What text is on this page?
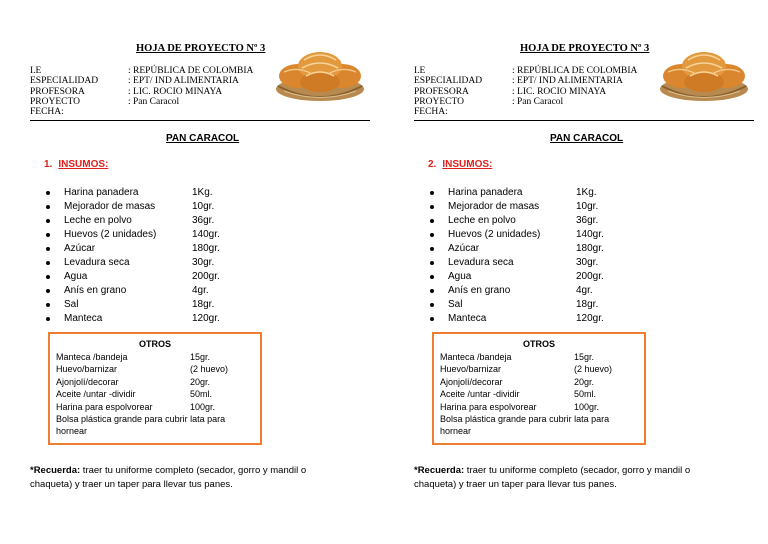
HOJA DE PROYECTO Nº 3
I.E	: REPÚBLICA DE COLOMBIA
ESPECIALIDAD	: EPT/ IND ALIMENTARIA
PROFESORA	: LIC. ROCIO MINAYA
PROYECTO	: Pan Caracol
FECHA:
PAN CARACOL
1. INSUMOS:
Harina panadera	1Kg.
Mejorador de masas	10gr.
Leche en polvo	36gr.
Huevos (2 unidades)	140gr.
Azúcar	180gr.
Levadura seca	30gr.
Agua	200gr.
Anís en grano	4gr.
Sal	18gr.
Manteca	120gr.
OTROS
Manteca /bandeja	15gr.
Huevo/barnizar	(2 huevo)
Ajonjolí/decorar	20gr.
Aceite /untar -dividir	50ml.
Harina para espolvorear	100gr.
Bolsa plástica grande para cubrir lata para hornear
*Recuerda: traer tu uniforme completo (secador, gorro y mandil o chaqueta) y traer un taper para llevar tus panes.
HOJA DE PROYECTO Nº 3
I.E	: REPÚBLICA DE COLOMBIA
ESPECIALIDAD	: EPT/ IND ALIMENTARIA
PROFESORA	: LIC. ROCIO MINAYA
PROYECTO	: Pan Caracol
FECHA:
PAN CARACOL
2. INSUMOS:
Harina panadera	1Kg.
Mejorador de masas	10gr.
Leche en polvo	36gr.
Huevos (2 unidades)	140gr.
Azúcar	180gr.
Levadura seca	30gr.
Agua	200gr.
Anís en grano	4gr.
Sal	18gr.
Manteca	120gr.
OTROS
Manteca /bandeja	15gr.
Huevo/barnizar	(2 huevo)
Ajonjolí/decorar	20gr.
Aceite /untar -dividir	50ml.
Harina para espolvorear	100gr.
Bolsa plástica grande para cubrir lata para hornear
*Recuerda: traer tu uniforme completo (secador, gorro y mandil o chaqueta) y traer un taper para llevar tus panes.
